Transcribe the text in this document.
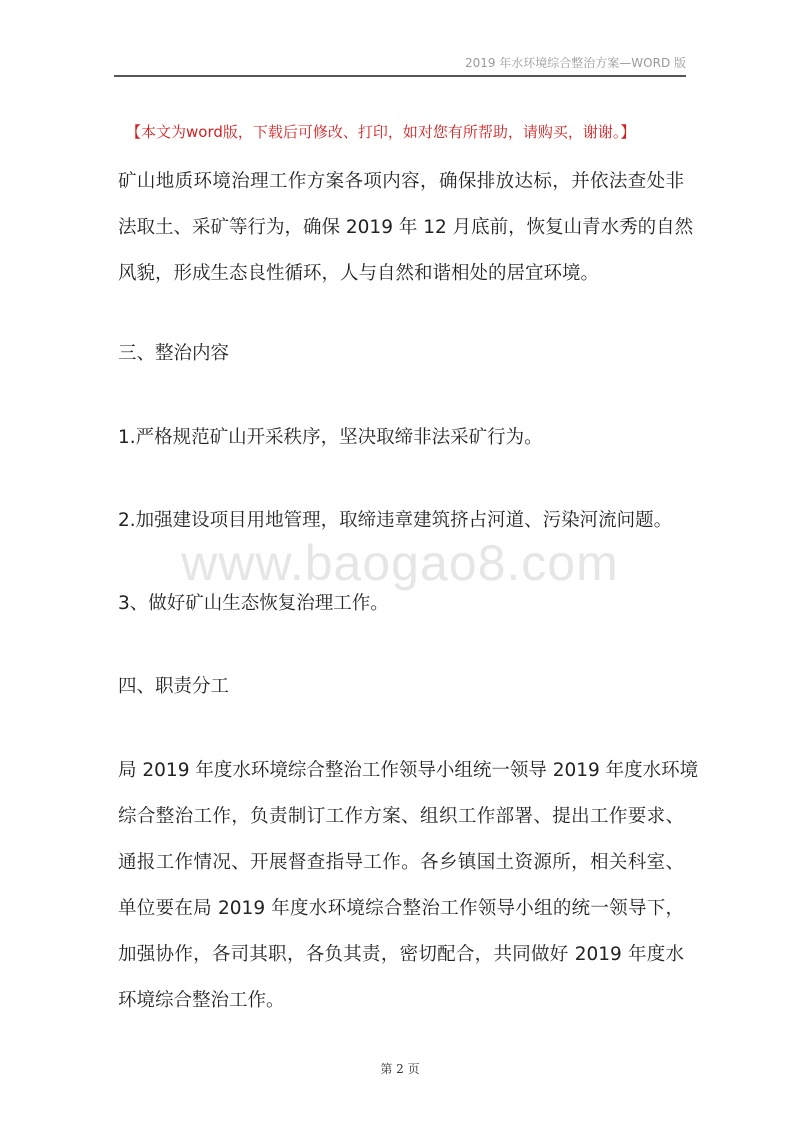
2019 年水环境综合整治方案—WORD 版
【本文为word版，下载后可修改、打印，如对您有所帮助，请购买，谢谢。】
矿山地质环境治理工作方案各项内容，确保排放达标，并依法查处非
法取土、采矿等行为，确保 2019 年 12 月底前，恢复山青水秀的自然
风貌，形成生态良性循环，人与自然和谐相处的居宜环境。
三、整治内容
1.严格规范矿山开采秩序，坚决取缔非法采矿行为。
2.加强建设项目用地管理，取缔违章建筑挤占河道、污染河流问题。
www.baogao8.com
3、做好矿山生态恢复治理工作。
四、职责分工
局 2019 年度水环境综合整治工作领导小组统一领导 2019 年度水环境
综合整治工作，负责制订工作方案、组织工作部署、提出工作要求、
通报工作情况、开展督查指导工作。各乡镇国土资源所，相关科室、
单位要在局 2019 年度水环境综合整治工作领导小组的统一领导下，
加强协作，各司其职，各负其责，密切配合，共同做好 2019 年度水
环境综合整治工作。
第 2 页
